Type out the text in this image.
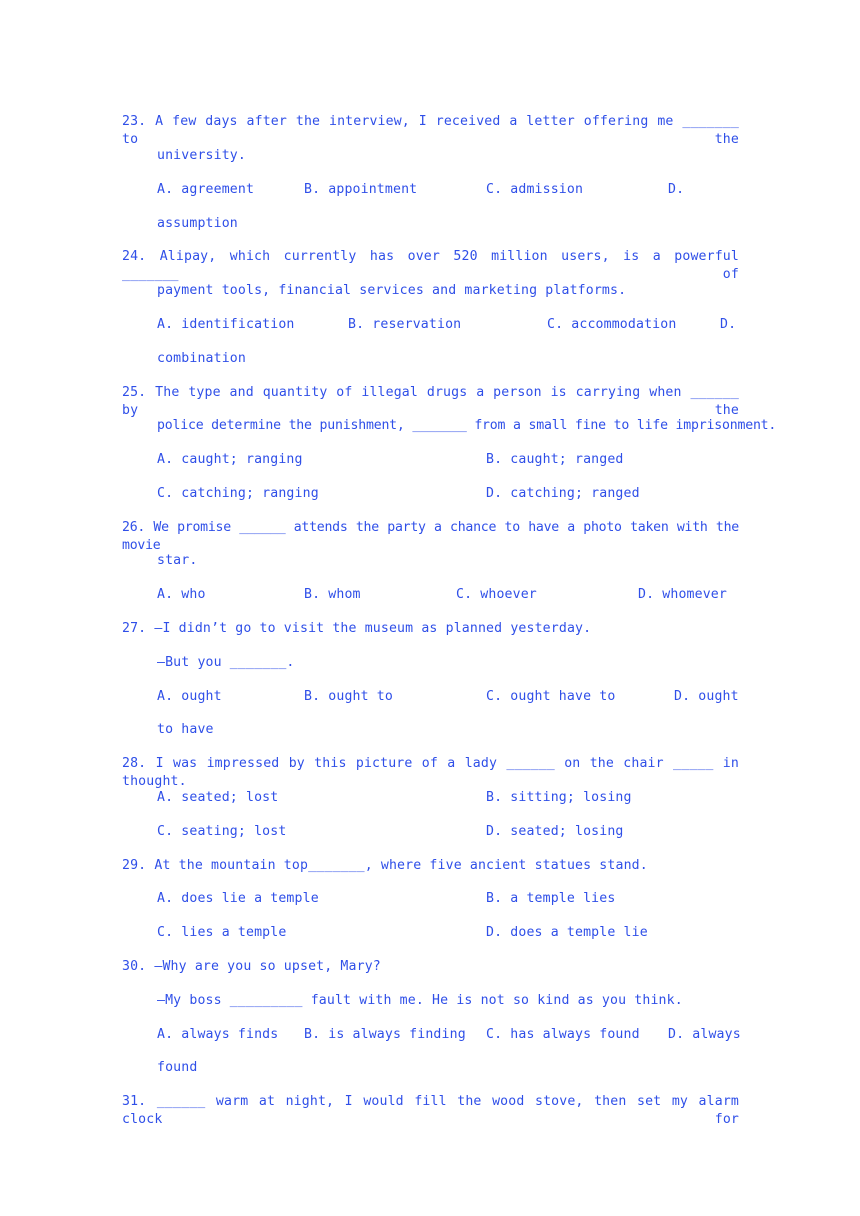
23. A few days after the interview, I received a letter offering me _______ to the
university.
A. agreement	B. appointment	C. admission	D.
assumption
24. Alipay, which currently has over 520 million users, is a powerful _______ of
payment tools, financial services and marketing platforms.
A. identification	B. reservation	C. accommodation	D.
combination
25. The type and quantity of illegal drugs a person is carrying when ______ by the
police determine the punishment, _______ from a small fine to life imprisonment.
A. caught; ranging	B. caught; ranged
C. catching; ranging	D. catching; ranged
26. We promise ______ attends the party a chance to have a photo taken with the movie
star.
A. who	B. whom	C. whoever	D. whomever
27. —I didn’t go to visit the museum as planned yesterday.
—But you _______.
A. ought	B. ought to	C. ought have to	D. ought
to have
28. I was impressed by this picture of a lady ______ on the chair _____ in thought.
A. seated; lost	B. sitting; losing
C. seating; lost	D. seated; losing
29. At the mountain top_______, where five ancient statues stand.
A. does lie a temple	B. a temple lies
C. lies a temple	D. does a temple lie
30. —Why are you so upset, Mary?
—My boss _________ fault with me. He is not so kind as you think.
A. always finds B. is always finding C. has always found D. always
found
31. ______ warm at night, I would fill the wood stove, then set my alarm clock for
